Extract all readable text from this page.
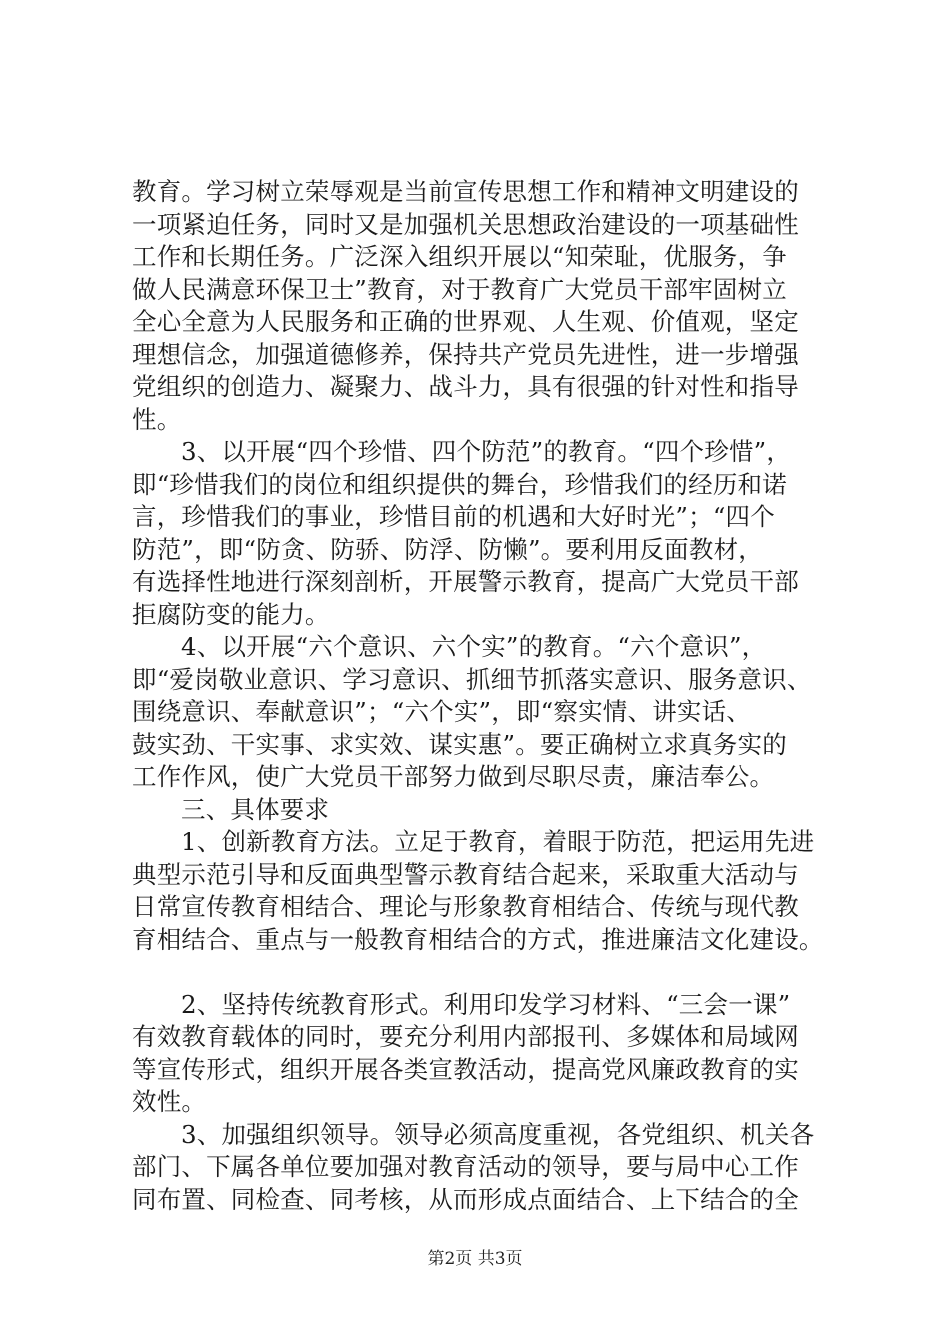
教育。学习树立荣辱观是当前宣传思想工作和精神文明建设的
一项紧迫任务，同时又是加强机关思想政治建设的一项基础性
工作和长期任务。广泛深入组织开展以“知荣耻，优服务，争
做人民满意环保卫士”教育，对于教育广大党员干部牢固树立
全心全意为人民服务和正确的世界观、人生观、价值观，坚定
理想信念，加强道德修养，保持共产党员先进性，进一步增强
党组织的创造力、凝聚力、战斗力，具有很强的针对性和指导
性。
3、以开展“四个珍惜、四个防范”的教育。“四个珍惜”，
即“珍惜我们的岗位和组织提供的舞台，珍惜我们的经历和诺
言，珍惜我们的事业，珍惜目前的机遇和大好时光”；“四个
防范”，即“防贪、防骄、防浮、防懒”。要利用反面教材，
有选择性地进行深刻剖析，开展警示教育，提高广大党员干部
拒腐防变的能力。
4、以开展“六个意识、六个实”的教育。“六个意识”，
即“爱岗敬业意识、学习意识、抓细节抓落实意识、服务意识、
围绕意识、奉献意识”；“六个实”，即“察实情、讲实话、
鼓实劲、干实事、求实效、谋实惠”。要正确树立求真务实的
工作作风，使广大党员干部努力做到尽职尽责，廉洁奉公。
三、具体要求
1、创新教育方法。立足于教育，着眼于防范，把运用先进
典型示范引导和反面典型警示教育结合起来，采取重大活动与
日常宣传教育相结合、理论与形象教育相结合、传统与现代教
育相结合、重点与一般教育相结合的方式，推进廉洁文化建设。
2、坚持传统教育形式。利用印发学习材料、“三会一课”
有效教育载体的同时，要充分利用内部报刊、多媒体和局域网
等宣传形式，组织开展各类宣教活动，提高党风廉政教育的实
效性。
3、加强组织领导。领导必须高度重视，各党组织、机关各
部门、下属各单位要加强对教育活动的领导，要与局中心工作
同布置、同检查、同考核，从而形成点面结合、上下结合的全
第2页 共3页
